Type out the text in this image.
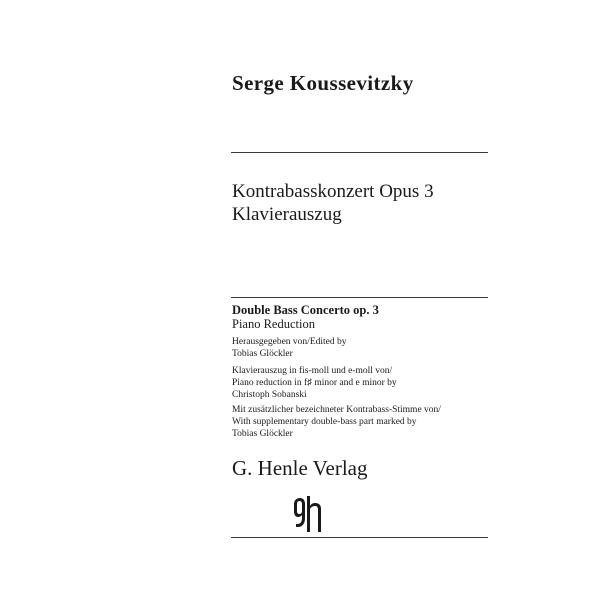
Serge Koussevitzky
Kontrabasskonzert Opus 3
Klavierauszug
Double Bass Concerto op. 3
Piano Reduction
Herausgegeben von/Edited by
Tobias Glöckler
Klavierauszug in fis-moll und e-moll von/
Piano reduction in f♯ minor and e minor by
Christoph Sobanski
Mit zusätzlicher bezeichneter Kontrabass-Stimme von/
With supplementary double-bass part marked by
Tobias Glöckler
G. Henle Verlag
